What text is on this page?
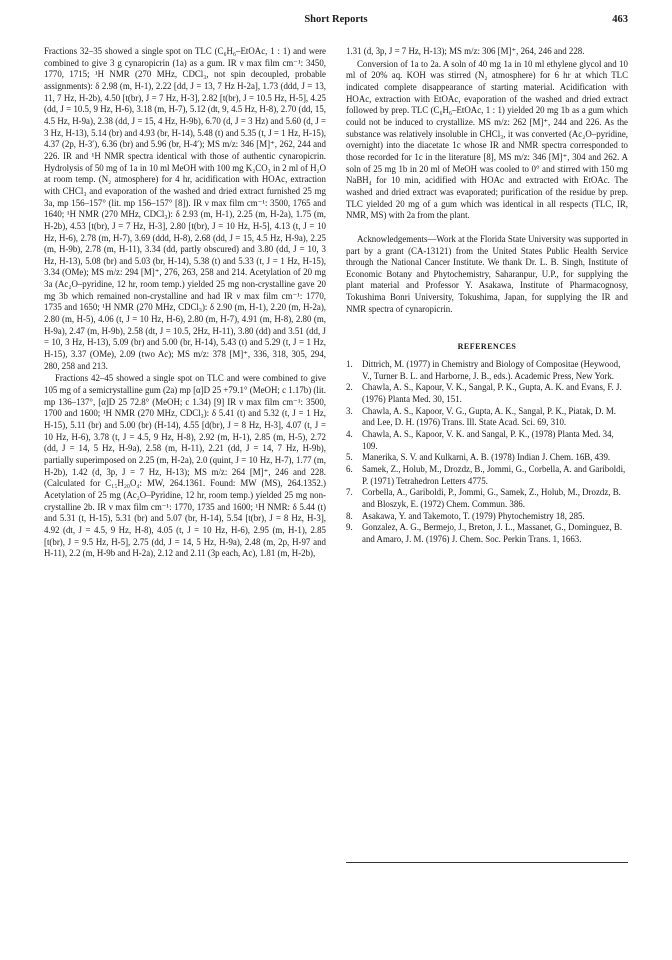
Short Reports	463

Fractions 32–35 showed a single spot on TLC (C₆H₆–EtOAc, 1 : 1) and were combined to give 3 g cynaropicrin (1a) as a gum. IR ν max film cm⁻¹: 3450, 1770, 1715; ¹H NMR (270 MHz, CDCl₃, not spin decoupled, probable assignments): δ 2.98 (m, H-1), 2.22 [dd, J = 13, 7 Hz H-2a], 1.73 (ddd, J = 13, 11, 7 Hz, H-2b), 4.50 [t(br), J = 7 Hz, H-3], 2.82 [t(br), J = 10.5 Hz, H-5], 4.25 (dd, J = 10.5, 9 Hz, H-6), 3.18 (m, H-7), 5.12 (dt, 9, 4.5 Hz, H-8), 2.70 (dd, 15, 4.5 Hz, H-9a), 2.38 (dd, J = 15, 4 Hz, H-9b), 6.70 (d, J = 3 Hz) and 5.60 (d, J = 3 Hz, H-13), 5.14 (br) and 4.93 (br, H-14), 5.48 (t) and 5.35 (t, J = 1 Hz, H-15), 4.37 (2p, H-3′), 6.36 (br) and 5.96 (br, H-4′); MS m/z: 346 [M]⁺, 262, 244 and 226. IR and ¹H NMR spectra identical with those of authentic cynaropicrin. Hydrolysis of 50 mg of 1a in 10 ml MeOH with 100 mg K₂CO₃ in 2 ml of H₂O at room temp. (N₂ atmosphere) for 4 hr, acidification with HOAc, extraction with CHCl₃ and evaporation of the washed and dried extract furnished 25 mg 3a, mp 156–157° (lit. mp 156–157° [8]). IR ν max film cm⁻¹: 3500, 1765 and 1640; ¹H NMR (270 MHz, CDCl₃): δ 2.93 (m, H-1), 2.25 (m, H-2a), 1.75 (m, H-2b), 4.53 [t(br), J = 7 Hz, H-3], 2.80 [t(br), J = 10 Hz, H-5], 4.13 (t, J = 10 Hz, H-6), 2.78 (m, H-7), 3.69 (ddd, H-8), 2.68 (dd, J = 15, 4.5 Hz, H-9a), 2.25 (m, H-9b), 2.78 (m, H-11), 3.34 (dd, partly obscured) and 3.80 (dd, J = 10, 3 Hz, H-13), 5.08 (br) and 5.03 (br, H-14), 5.38 (t) and 5.33 (t, J = 1 Hz, H-15), 3.34 (OMe); MS m/z: 294 [M]⁺, 276, 263, 258 and 214. Acetylation of 20 mg 3a (Ac₂O–pyridine, 12 hr, room temp.) yielded 25 mg non-crystalline gave 20 mg 3b which remained non-crystalline and had IR ν max film cm⁻¹: 1770, 1735 and 1650; ¹H NMR (270 MHz, CDCl₃): δ 2.90 (m, H-1), 2.20 (m, H-2a), 2.80 (m, H-5), 4.06 (t, J = 10 Hz, H-6), 2.80 (m, H-7), 4.91 (m, H-8), 2.80 (m, H-9a), 2.47 (m, H-9b), 2.58 (dt, J = 10.5, 2Hz, H-11), 3.80 (dd) and 3.51 (dd, J = 10, 3 Hz, H-13), 5.09 (br) and 5.00 (br, H-14), 5.43 (t) and 5.29 (t, J = 1 Hz, H-15), 3.37 (OMe), 2.09 (two Ac); MS m/z: 378 [M]⁺, 336, 318, 305, 294, 280, 258 and 213.

Fractions 42–45 showed a single spot on TLC and were combined to give 105 mg of a semicrystalline gum (2a) mp [α]D 25 +79.1° (MeOH; c 1.17b) (lit. mp 136–137°, [α]D 25 72.8° (MeOH; c 1.34) [9] IR ν max film cm⁻¹: 3500, 1700 and 1600; ¹H NMR (270 MHz, CDCl₃): δ 5.41 (t) and 5.32 (t, J = 1 Hz, H-15), 5.11 (br) and 5.00 (br) (H-14), 4.55 [d(br), J = 8 Hz, H-3], 4.07 (t, J = 10 Hz, H-6), 3.78 (t, J = 4.5, 9 Hz, H-8), 2.92 (m, H-1), 2.85 (m, H-5), 2.72 (dd, J = 14, 5 Hz, H-9a), 2.58 (m, H-11), 2.21 (dd, J = 14, 7 Hz, H-9b), partially superimposed on 2.25 (m, H-2a), 2.0 (quint, J = 10 Hz, H-7), 1.77 (m, H-2b), 1.42 (d, 3p, J = 7 Hz, H-13); MS m/z: 264 [M]⁺, 246 and 228. (Calculated for C₁₅H₂₀O₄: MW, 264.1361. Found: MW (MS), 264.1352.) Acetylation of 25 mg (Ac₂O–Pyridine, 12 hr, room temp.) yielded 25 mg non-crystalline 2b. IR ν max film cm⁻¹: 1770, 1735 and 1600; ¹H NMR: δ 5.44 (t) and 5.31 (t, H-15), 5.31 (br) and 5.07 (br, H-14), 5.54 [t(br), J = 8 Hz, H-3], 4.92 (dt, J = 4.5, 9 Hz, H-8), 4.05 (t, J = 10 Hz, H-6), 2.95 (m, H-1), 2.85 [t(br), J = 9.5 Hz, H-5], 2.75 (dd, J = 14, 5 Hz, H-9a), 2.48 (m, 2p, H-97 and H-11), 2.2 (m, H-9b and H-2a), 2.12 and 2.11 (3p each, Ac), 1.81 (m, H-2b),

1.31 (d, 3p, J = 7 Hz, H-13); MS m/z: 306 [M]⁺, 264, 246 and 228.

Conversion of 1a to 2a. A soln of 40 mg 1a in 10 ml ethylene glycol and 10 ml of 20% aq. KOH was stirred (N₂ atmosphere) for 6 hr at which TLC indicated complete disappearance of starting material. Acidification with HOAc, extraction with EtOAc, evaporation of the washed and dried extract followed by prep. TLC (C₆H₆–EtOAc, 1 : 1) yielded 20 mg 1b as a gum which could not be induced to crystallize. MS m/z: 262 [M]⁺, 244 and 226. As the substance was relatively insoluble in CHCl₃, it was converted (Ac₂O–pyridine, overnight) into the diacetate 1c whose IR and NMR spectra corresponded to those recorded for 1c in the literature [8], MS m/z: 346 [M]⁺, 304 and 262. A soln of 25 mg 1b in 20 ml of MeOH was cooled to 0° and stirred with 150 mg NaBH₄ for 10 min, acidified with HOAc and extracted with EtOAc. The washed and dried extract was evaporated; purification of the residue by prep. TLC yielded 20 mg of a gum which was identical in all respects (TLC, IR, NMR, MS) with 2a from the plant.

Acknowledgements—Work at the Florida State University was supported in part by a grant (CA-13121) from the United States Public Health Service through the National Cancer Institute. We thank Dr. L. B. Singh, Institute of Economic Botany and Phytochemistry, Saharanpur, U.P., for supplying the plant material and Professor Y. Asakawa, Institute of Pharmacognosy, Tokushima Bonri University, Tokushima, Japan, for supplying the IR and NMR spectra of cynaropicrin.

REFERENCES
1. Dittrich, M. (1977) in Chemistry and Biology of Compositae (Heywood, V., Turner B. L. and Harborne, J. B., eds.). Academic Press, New York.
2. Chawla, A. S., Kapour, V. K., Sangal, P. K., Gupta, A. K. and Evans, F. J. (1976) Planta Med. 30, 151.
3. Chawla, A. S., Kapoor, V. G., Gupta, A. K., Sangal, P. K., Piatak, D. M. and Lee, D. H. (1976) Trans. Ill. State Acad. Sci. 69, 310.
4. Chawla, A. S., Kapoor, V. K. and Sangal, P. K., (1978) Planta Med. 34, 109.
5. Manerika, S. V. and Kulkarni, A. B. (1978) Indian J. Chem. 16B, 439.
6. Samek, Z., Holub, M., Drozdz, B., Jommi, G., Corbella, A. and Gariboldi, P. (1971) Tetrahedron Letters 4775.
7. Corbella, A., Gariboldi, P., Jommi, G., Samek, Z., Holub, M., Drozdz, B. and Bloszyk, E. (1972) Chem. Commun. 386.
8. Asakawa, Y. and Takemoto, T. (1979) Phytochemistry 18, 285.
9. Gonzalez, A. G., Bermejo, J., Breton, J. L., Massanet, G., Dominguez, B. and Amaro, J. M. (1976) J. Chem. Soc. Perkin Trans. 1, 1663.
